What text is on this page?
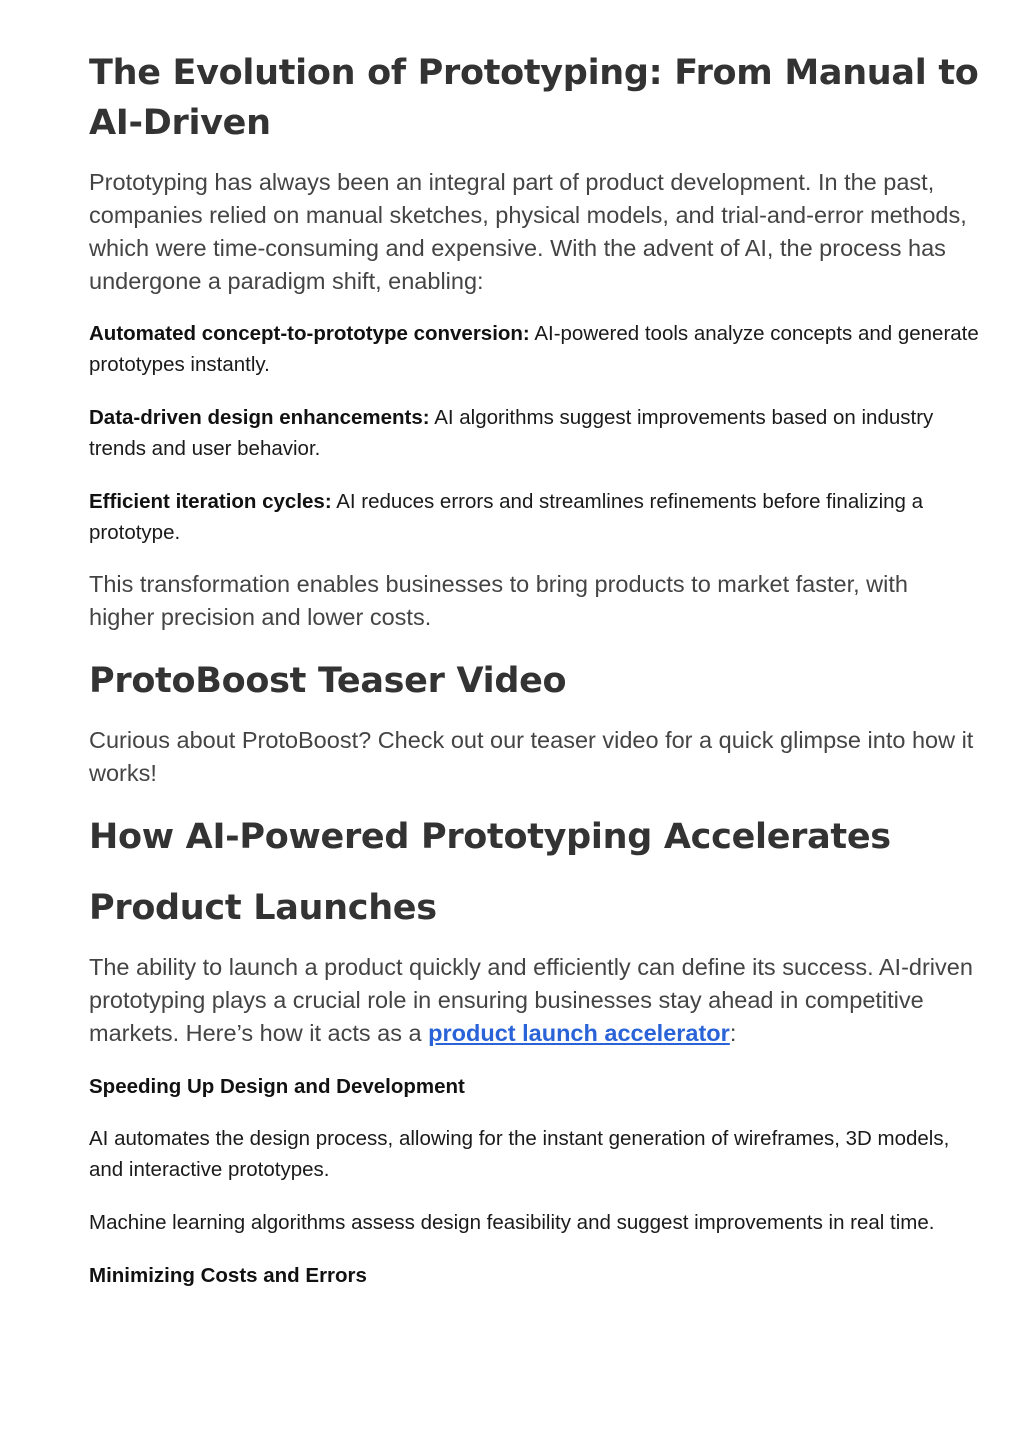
The Evolution of Prototyping: From Manual to AI-Driven

Prototyping has always been an integral part of product development. In the past, companies relied on manual sketches, physical models, and trial-and-error methods, which were time-consuming and expensive. With the advent of AI, the process has undergone a paradigm shift, enabling:

Automated concept-to-prototype conversion: AI-powered tools analyze concepts and generate prototypes instantly.

Data-driven design enhancements: AI algorithms suggest improvements based on industry trends and user behavior.

Efficient iteration cycles: AI reduces errors and streamlines refinements before finalizing a prototype.

This transformation enables businesses to bring products to market faster, with higher precision and lower costs.

ProtoBoost Teaser Video

Curious about ProtoBoost? Check out our teaser video for a quick glimpse into how it works!

How AI-Powered Prototyping Accelerates
Product Launches

The ability to launch a product quickly and efficiently can define its success. AI-driven prototyping plays a crucial role in ensuring businesses stay ahead in competitive markets. Here’s how it acts as a product launch accelerator:

Speeding Up Design and Development

AI automates the design process, allowing for the instant generation of wireframes, 3D models, and interactive prototypes.

Machine learning algorithms assess design feasibility and suggest improvements in real time.

Minimizing Costs and Errors
